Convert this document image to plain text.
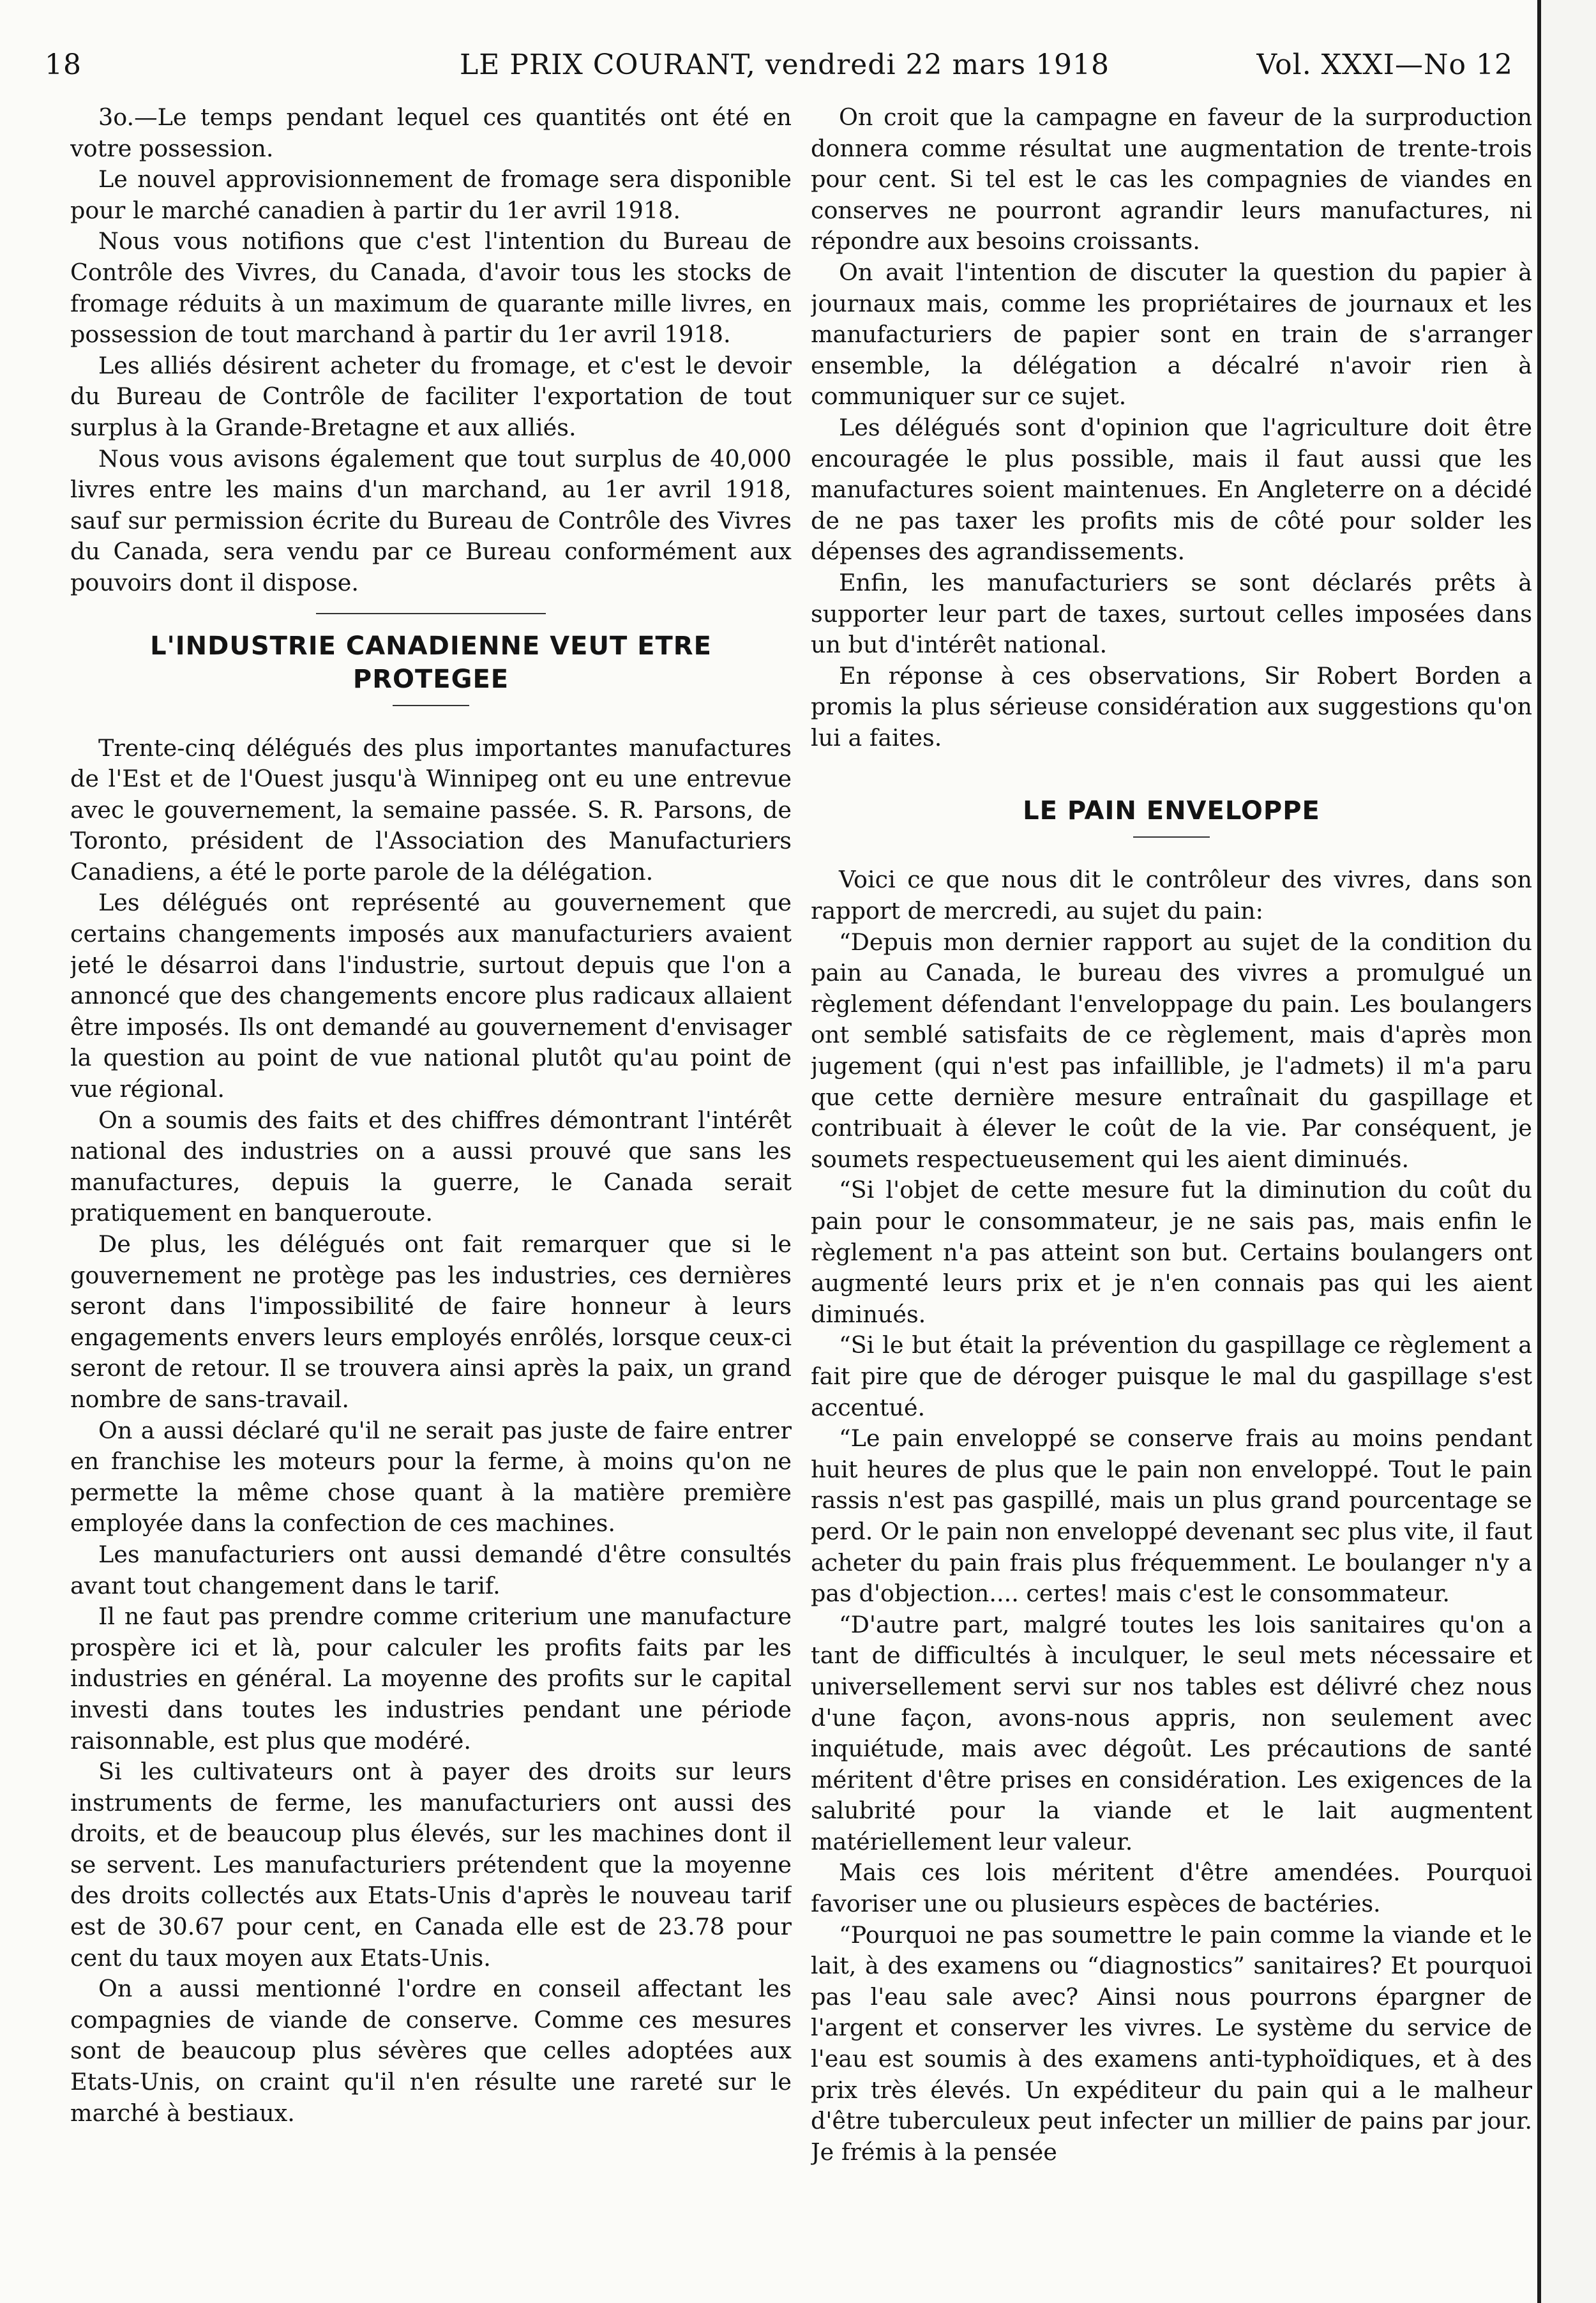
18	LE PRIX COURANT, vendredi 22 mars 1918	Vol. XXXI—No 12

3o.—Le temps pendant lequel ces quantités ont été en votre possession.

Le nouvel approvisionnement de fromage sera disponible pour le marché canadien à partir du 1er avril 1918.

Nous vous notifions que c'est l'intention du Bureau de Contrôle des Vivres, du Canada, d'avoir tous les stocks de fromage réduits à un maximum de quarante mille livres, en possession de tout marchand à partir du 1er avril 1918.

Les alliés désirent acheter du fromage, et c'est le devoir du Bureau de Contrôle de faciliter l'exportation de tout surplus à la Grande-Bretagne et aux alliés.

Nous vous avisons également que tout surplus de 40,000 livres entre les mains d'un marchand, au 1er avril 1918, sauf sur permission écrite du Bureau de Contrôle des Vivres du Canada, sera vendu par ce Bureau conformément aux pouvoirs dont il dispose.

L'INDUSTRIE CANADIENNE VEUT ETRE PROTEGEE

Trente-cinq délégués des plus importantes manufactures de l'Est et de l'Ouest jusqu'à Winnipeg ont eu une entrevue avec le gouvernement, la semaine passée. S. R. Parsons, de Toronto, président de l'Association des Manufacturiers Canadiens, a été le porte parole de la délégation.

Les délégués ont représenté au gouvernement que certains changements imposés aux manufacturiers avaient jeté le désarroi dans l'industrie, surtout depuis que l'on a annoncé que des changements encore plus radicaux allaient être imposés. Ils ont demandé au gouvernement d'envisager la question au point de vue national plutôt qu'au point de vue régional.

On a soumis des faits et des chiffres démontrant l'intérêt national des industries on a aussi prouvé que sans les manufactures, depuis la guerre, le Canada serait pratiquement en banqueroute.

De plus, les délégués ont fait remarquer que si le gouvernement ne protège pas les industries, ces dernières seront dans l'impossibilité de faire honneur à leurs engagements envers leurs employés enrôlés, lorsque ceux-ci seront de retour. Il se trouvera ainsi après la paix, un grand nombre de sans-travail.

On a aussi déclaré qu'il ne serait pas juste de faire entrer en franchise les moteurs pour la ferme, à moins qu'on ne permette la même chose quant à la matière première employée dans la confection de ces machines.

Les manufacturiers ont aussi demandé d'être consultés avant tout changement dans le tarif.

Il ne faut pas prendre comme criterium une manufacture prospère ici et là, pour calculer les profits faits par les industries en général. La moyenne des profits sur le capital investi dans toutes les industries pendant une période raisonnable, est plus que modéré.

Si les cultivateurs ont à payer des droits sur leurs instruments de ferme, les manufacturiers ont aussi des droits, et de beaucoup plus élevés, sur les machines dont il se servent. Les manufacturiers prétendent que la moyenne des droits collectés aux Etats-Unis d'après le nouveau tarif est de 30.67 pour cent, en Canada elle est de 23.78 pour cent du taux moyen aux Etats-Unis.

On a aussi mentionné l'ordre en conseil affectant les compagnies de viande de conserve. Comme ces mesures sont de beaucoup plus sévères que celles adoptées aux Etats-Unis, on craint qu'il n'en résulte une rareté sur le marché à bestiaux.

On croit que la campagne en faveur de la surproduction donnera comme résultat une augmentation de trente-trois pour cent. Si tel est le cas les compagnies de viandes en conserves ne pourront agrandir leurs manufactures, ni répondre aux besoins croissants.

On avait l'intention de discuter la question du papier à journaux mais, comme les propriétaires de journaux et les manufacturiers de papier sont en train de s'arranger ensemble, la délégation a décalré n'avoir rien à communiquer sur ce sujet.

Les délégués sont d'opinion que l'agriculture doit être encouragée le plus possible, mais il faut aussi que les manufactures soient maintenues. En Angleterre on a décidé de ne pas taxer les profits mis de côté pour solder les dépenses des agrandissements.

Enfin, les manufacturiers se sont déclarés prêts à supporter leur part de taxes, surtout celles imposées dans un but d'intérêt national.

En réponse à ces observations, Sir Robert Borden a promis la plus sérieuse considération aux suggestions qu'on lui a faites.

LE PAIN ENVELOPPE

Voici ce que nous dit le contrôleur des vivres, dans son rapport de mercredi, au sujet du pain:

“Depuis mon dernier rapport au sujet de la condition du pain au Canada, le bureau des vivres a promulgué un règlement défendant l'enveloppage du pain. Les boulangers ont semblé satisfaits de ce règlement, mais d'après mon jugement (qui n'est pas infaillible, je l'admets) il m'a paru que cette dernière mesure entraînait du gaspillage et contribuait à élever le coût de la vie. Par conséquent, je soumets respectueusement qui les aient diminués.

“Si l'objet de cette mesure fut la diminution du coût du pain pour le consommateur, je ne sais pas, mais enfin le règlement n'a pas atteint son but. Certains boulangers ont augmenté leurs prix et je n'en connais pas qui les aient diminués.

“Si le but était la prévention du gaspillage ce règlement a fait pire que de déroger puisque le mal du gaspillage s'est accentué.

“Le pain enveloppé se conserve frais au moins pendant huit heures de plus que le pain non enveloppé. Tout le pain rassis n'est pas gaspillé, mais un plus grand pourcentage se perd. Or le pain non enveloppé devenant sec plus vite, il faut acheter du pain frais plus fréquemment. Le boulanger n'y a pas d'objection.... certes! mais c'est le consommateur.

“D'autre part, malgré toutes les lois sanitaires qu'on a tant de difficultés à inculquer, le seul mets nécessaire et universellement servi sur nos tables est délivré chez nous d'une façon, avons-nous appris, non seulement avec inquiétude, mais avec dégoût. Les précautions de santé méritent d'être prises en considération. Les exigences de la salubrité pour la viande et le lait augmentent matériellement leur valeur.

Mais ces lois méritent d'être amendées. Pourquoi favoriser une ou plusieurs espèces de bactéries.

“Pourquoi ne pas soumettre le pain comme la viande et le lait, à des examens ou “diagnostics” sanitaires? Et pourquoi pas l'eau sale avec? Ainsi nous pourrons épargner de l'argent et conserver les vivres. Le système du service de l'eau est soumis à des examens anti-typhoïdiques, et à des prix très élevés. Un expéditeur du pain qui a le malheur d'être tuberculeux peut infecter un millier de pains par jour. Je frémis à la pensée
